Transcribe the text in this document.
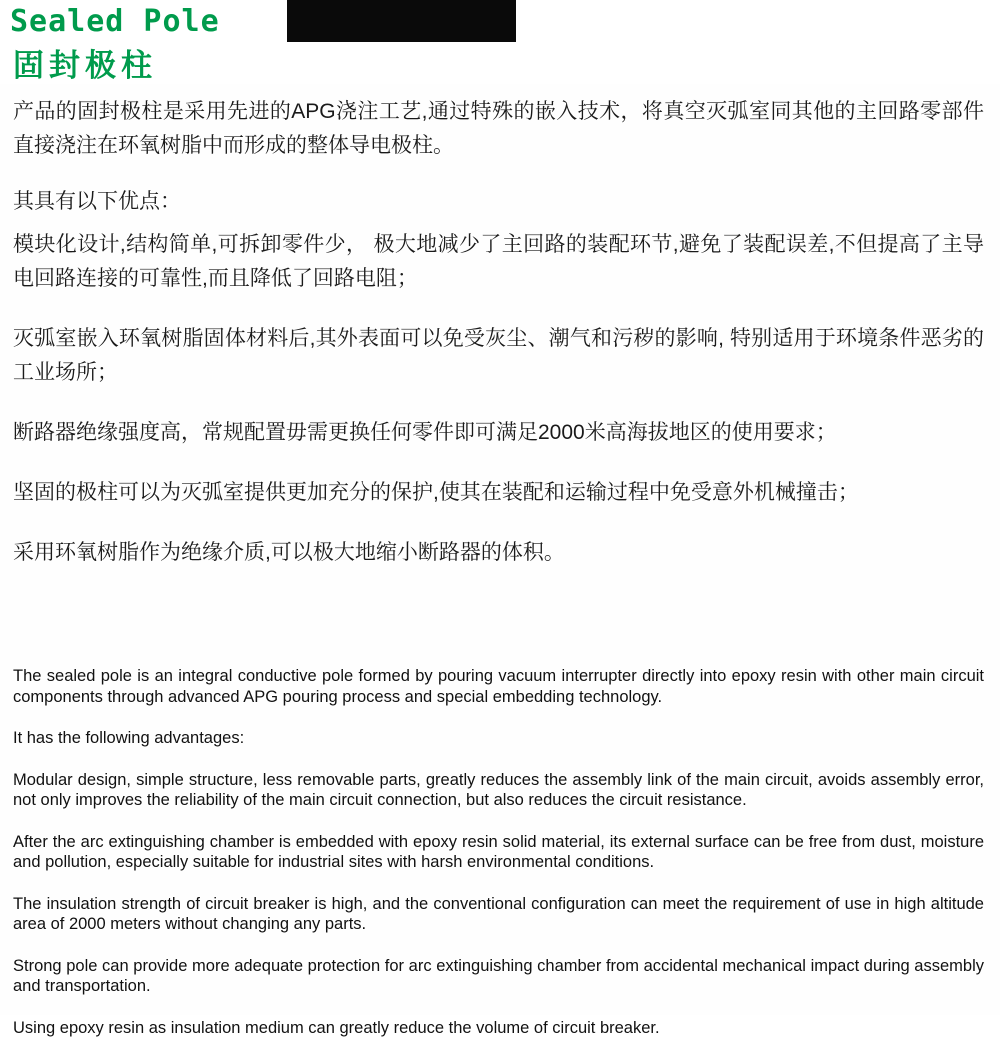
Sealed Pole
固封极柱

产品的固封极柱是采用先进的APG浇注工艺,通过特殊的嵌入技术，将真空灭弧室同其他的主回路零部件直接浇注在环氧树脂中而形成的整体导电极柱。

其具有以下优点：

模块化设计,结构简单,可拆卸零件少， 极大地减少了主回路的装配环节,避免了装配误差,不但提高了主导电回路连接的可靠性,而且降低了回路电阻；

灭弧室嵌入环氧树脂固体材料后,其外表面可以免受灰尘、潮气和污秽的影响, 特别适用于环境条件恶劣的工业场所；

断路器绝缘强度高，常规配置毋需更换任何零件即可满足2000米高海拔地区的使用要求；

坚固的极柱可以为灭弧室提供更加充分的保护,使其在装配和运输过程中免受意外机械撞击；

采用环氧树脂作为绝缘介质,可以极大地缩小断路器的体积。

The sealed pole is an integral conductive pole formed by pouring vacuum interrupter directly into epoxy resin with other main circuit components through advanced APG pouring process and special embedding technology.

It has the following advantages:

Modular design, simple structure, less removable parts, greatly reduces the assembly link of the main circuit, avoids assembly error, not only improves the reliability of the main circuit connection, but also reduces the circuit resistance.

After the arc extinguishing chamber is embedded with epoxy resin solid material, its external surface can be free from dust, moisture and pollution, especially suitable for industrial sites with harsh environmental conditions.

The insulation strength of circuit breaker is high, and the conventional configuration can meet the requirement of use in high altitude area of 2000 meters without changing any parts.

Strong pole can provide more adequate protection for arc extinguishing chamber from accidental mechanical impact during assembly and transportation.

Using epoxy resin as insulation medium can greatly reduce the volume of circuit breaker.
